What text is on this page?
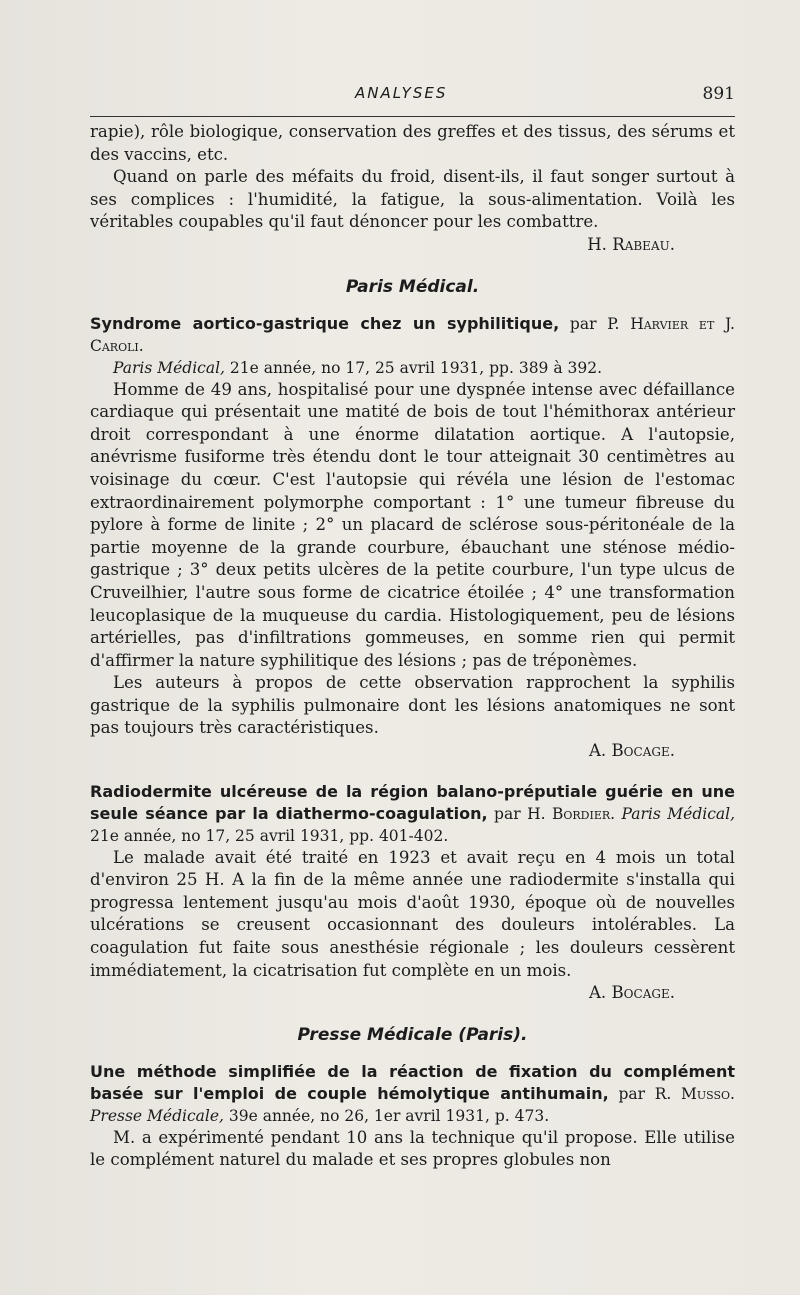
ANALYSES	891

rapie), rôle biologique, conservation des greffes et des tissus, des sérums et des vaccins, etc.

Quand on parle des méfaits du froid, disent-ils, il faut songer surtout à ses complices : l'humidité, la fatigue, la sous-alimentation. Voilà les véritables coupables qu'il faut dénoncer pour les combattre.

H. Rabeau.
Paris Médical.
Syndrome aortico-gastrique chez un syphilitique, par P. Harvier et J. Caroli.
Paris Médical, 21e année, no 17, 25 avril 1931, pp. 389 à 392.

Homme de 49 ans, hospitalisé pour une dyspnée intense avec défaillance cardiaque qui présentait une matité de bois de tout l'hémithorax antérieur droit correspondant à une énorme dilatation aortique. A l'autopsie, anévrisme fusiforme très étendu dont le tour atteignait 30 centimètres au voisinage du cœur. C'est l'autopsie qui révéla une lésion de l'estomac extraordinairement polymorphe comportant : 1° une tumeur fibreuse du pylore à forme de linite ; 2° un placard de sclérose sous-péritonéale de la partie moyenne de la grande courbure, ébauchant une sténose médio-gastrique ; 3° deux petits ulcères de la petite courbure, l'un type ulcus de Cruveilhier, l'autre sous forme de cicatrice étoilée ; 4° une transformation leucoplasique de la muqueuse du cardia. Histologiquement, peu de lésions artérielles, pas d'infiltrations gommeuses, en somme rien qui permit d'affirmer la nature syphilitique des lésions ; pas de tréponèmes.

Les auteurs à propos de cette observation rapprochent la syphilis gastrique de la syphilis pulmonaire dont les lésions anatomiques ne sont pas toujours très caractéristiques.

A. Bocage.
Radiodermite ulcéreuse de la région balano-préputiale guérie en une seule séance par la diathermo-coagulation, par H. Bordier. Paris Médical, 21e année, no 17, 25 avril 1931, pp. 401-402.

Le malade avait été traité en 1923 et avait reçu en 4 mois un total d'environ 25 H. A la fin de la même année une radiodermite s'installa qui progressa lentement jusqu'au mois d'août 1930, époque où de nouvelles ulcérations se creusent occasionnant des douleurs intolérables. La coagulation fut faite sous anesthésie régionale ; les douleurs cessèrent immédiatement, la cicatrisation fut complète en un mois.

A. Bocage.
Presse Médicale (Paris).
Une méthode simplifiée de la réaction de fixation du complément basée sur l'emploi de couple hémolytique antihumain, par R. Musso. Presse Médicale, 39e année, no 26, 1er avril 1931, p. 473.

M. a expérimenté pendant 10 ans la technique qu'il propose. Elle utilise le complément naturel du malade et ses propres globules non
